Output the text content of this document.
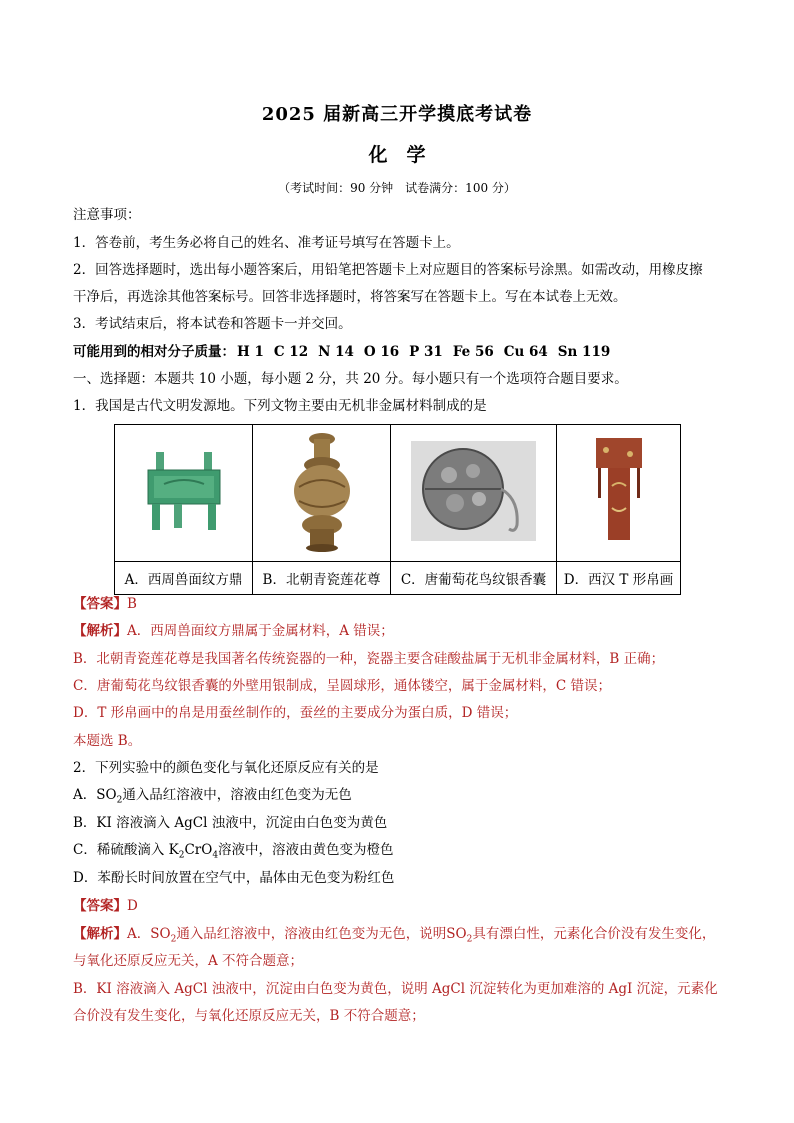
2025 届新高三开学摸底考试卷
化　学
（考试时间：90 分钟　试卷满分：100 分）
注意事项：
1．答卷前，考生务必将自己的姓名、准考证号填写在答题卡上。
2．回答选择题时，选出每小题答案后，用铅笔把答题卡上对应题目的答案标号涂黑。如需改动，用橡皮擦
干净后，再选涂其他答案标号。回答非选择题时，将答案写在答题卡上。写在本试卷上无效。
3．考试结束后，将本试卷和答题卡一并交回。
可能用到的相对分子质量： H 1 C 12 N 14 O 16 P 31 Fe 56 Cu 64 Sn 119
一、选择题：本题共 10 小题，每小题 2 分，共 20 分。每小题只有一个选项符合题目要求。
1．我国是古代文明发源地。下列文物主要由无机非金属材料制成的是

A．西周兽面纹方鼎	B．北朝青瓷莲花尊	C．唐葡萄花鸟纹银香囊	D．西汉 T 形帛画
【答案】B
【解析】A．西周兽面纹方鼎属于金属材料，A 错误；
B．北朝青瓷莲花尊是我国著名传统瓷器的一种，瓷器主要含硅酸盐属于无机非金属材料，B 正确；
C．唐葡萄花鸟纹银香囊的外壁用银制成，呈圆球形，通体镂空，属于金属材料，C 错误；
D．T 形帛画中的帛是用蚕丝制作的，蚕丝的主要成分为蛋白质，D 错误；
本题选 B。
2．下列实验中的颜色变化与氧化还原反应有关的是
A．$SO_2$通入品红溶液中，溶液由红色变为无色
B．KI 溶液滴入 AgCl 浊液中，沉淀由白色变为黄色
C．稀硫酸滴入 $K_2CrO_4$溶液中，溶液由黄色变为橙色
D．苯酚长时间放置在空气中，晶体由无色变为粉红色
【答案】D
【解析】A．$SO_2$通入品红溶液中，溶液由红色变为无色，说明$SO_2$具有漂白性，元素化合价没有发生变化，
与氧化还原反应无关，A 不符合题意；
B．KI 溶液滴入 AgCl 浊液中，沉淀由白色变为黄色，说明 AgCl 沉淀转化为更加难溶的 AgI 沉淀，元素化
合价没有发生变化，与氧化还原反应无关，B 不符合题意；
